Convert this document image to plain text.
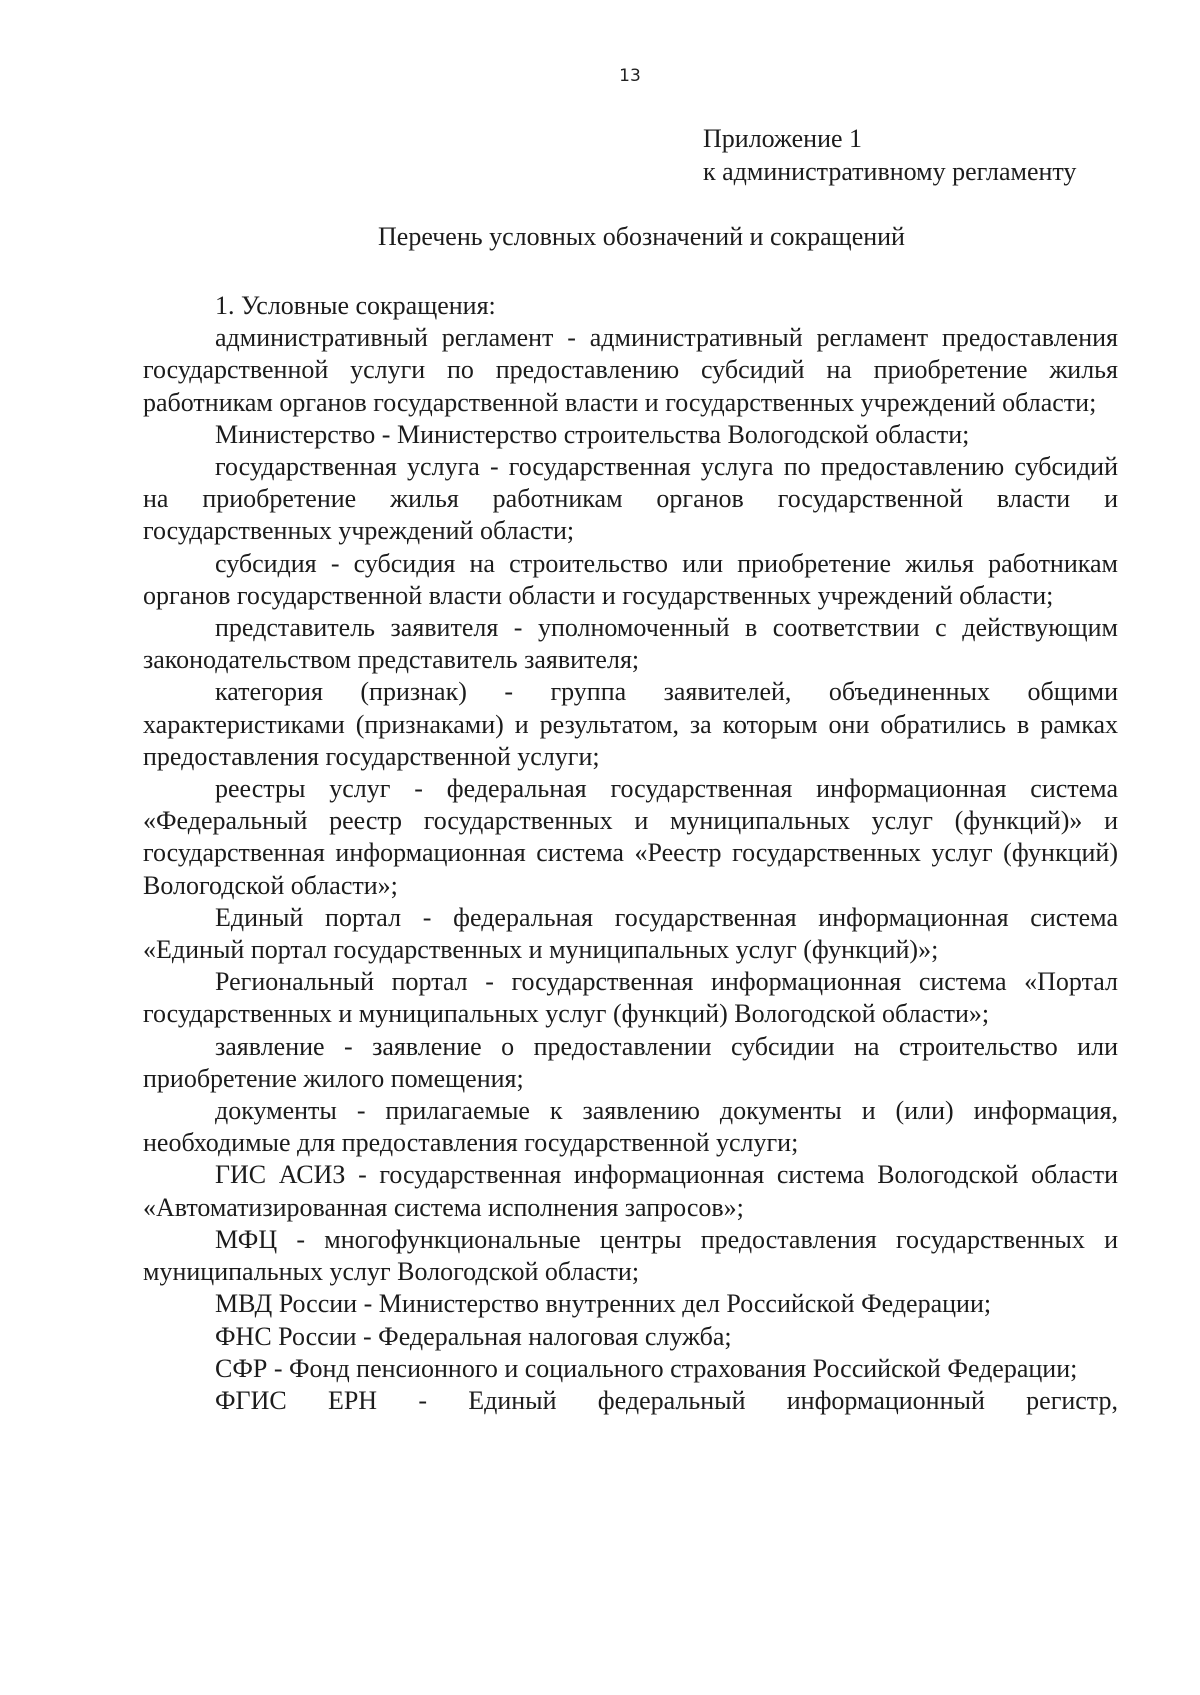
13
Приложение 1
к административному регламенту
Перечень условных обозначений и сокращений

1. Условные сокращения:

административный регламент - административный регламент предоставления государственной услуги по предоставлению субсидий на приобретение жилья работникам органов государственной власти и государственных учреждений области;

Министерство - Министерство строительства Вологодской области;

государственная услуга - государственная услуга по предоставлению субсидий на приобретение жилья работникам органов государственной власти и государственных учреждений области;

субсидия - субсидия на строительство или приобретение жилья работникам органов государственной власти области и государственных учреждений области;

представитель заявителя - уполномоченный в соответствии с действующим законодательством представитель заявителя;

категория (признак) - группа заявителей, объединенных общими характеристиками (признаками) и результатом, за которым они обратились в рамках предоставления государственной услуги;

реестры услуг - федеральная государственная информационная система «Федеральный реестр государственных и муниципальных услуг (функций)» и государственная информационная система «Реестр государственных услуг (функций) Вологодской области»;

Единый портал - федеральная государственная информационная система «Единый портал государственных и муниципальных услуг (функций)»;

Региональный портал - государственная информационная система «Портал государственных и муниципальных услуг (функций) Вологодской области»;

заявление - заявление о предоставлении субсидии на строительство или приобретение жилого помещения;

документы - прилагаемые к заявлению документы и (или) информация, необходимые для предоставления государственной услуги;

ГИС АСИЗ - государственная информационная система Вологодской области «Автоматизированная система исполнения запросов»;

МФЦ - многофункциональные центры предоставления государственных и муниципальных услуг Вологодской области;

МВД России - Министерство внутренних дел Российской Федерации;

ФНС России - Федеральная налоговая служба;

СФР - Фонд пенсионного и социального страхования Российской Федерации;

ФГИС ЕРН - Единый федеральный информационный регистр,
